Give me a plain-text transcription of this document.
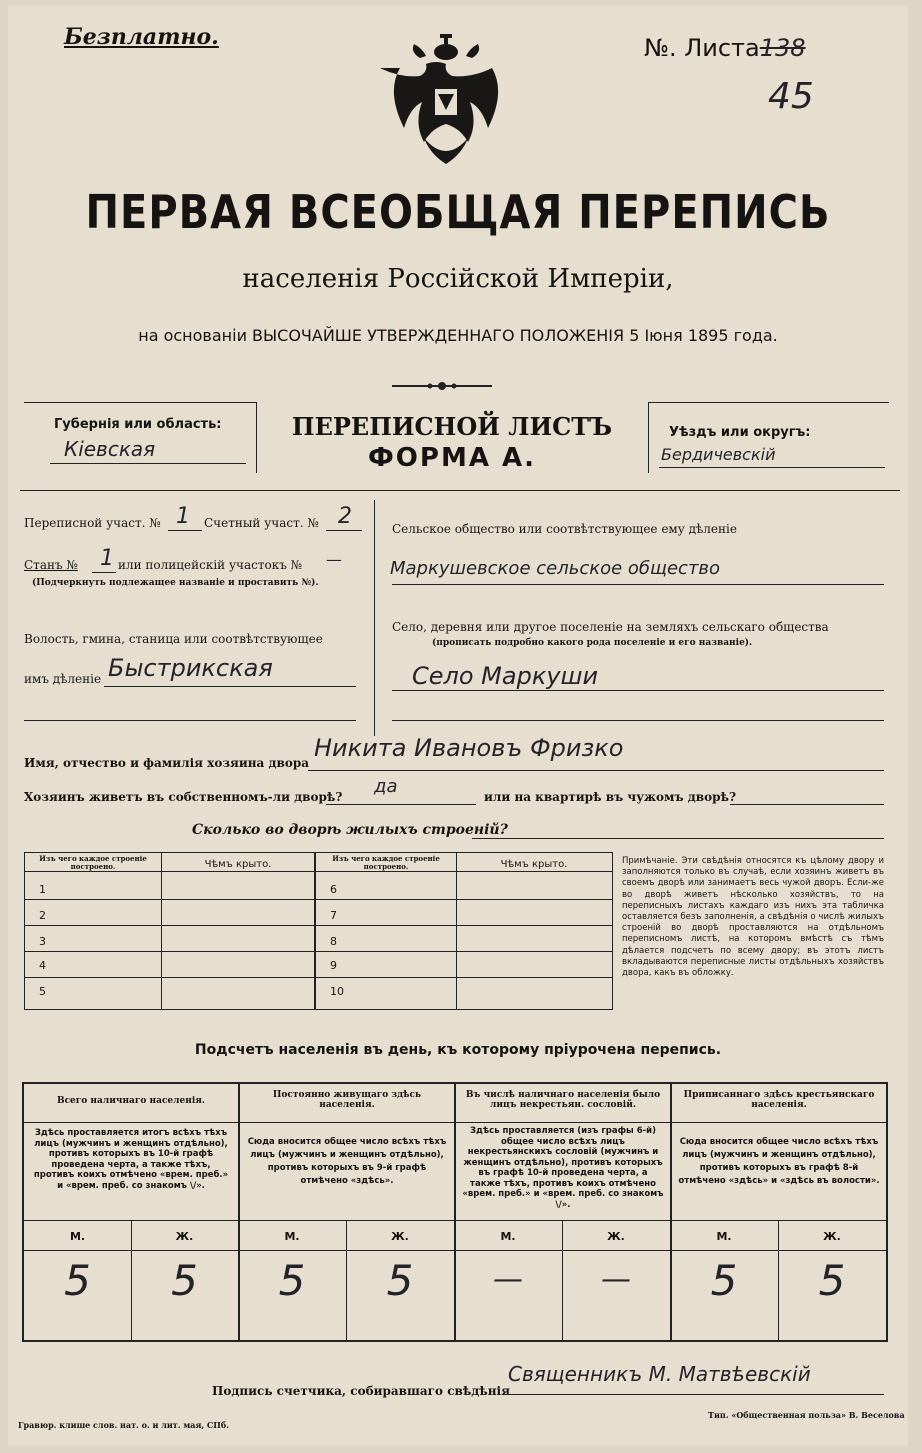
Безплатно.	№. Листа138
45
ПЕРВАЯ ВСЕОБЩАЯ ПЕРЕПИСЬ
населенія Россійской Имперіи,
на основаніи ВЫСОЧАЙШЕ УТВЕРЖДЕННАГО ПОЛОЖЕНІЯ 5 Іюня 1895 года.
Губернія или область:
Кіевская
ПЕРЕПИСНОЙ ЛИСТЪ
ФОРМА А.
Уѣздъ или округъ:
Бердичевскій
Переписной участ. № 1 Счетный участ. № 2
Станъ № 1 или полицейскій участокъ № —
(Подчеркнуть подлежащее названіе и проставить №).
Волость, гмина, станица или соотвѣтствующее
имъ дѣленіе Быстрикская
Сельское общество или соотвѣтствующее ему дѣленіе
Маркушевское сельское общество
Село, деревня или другое поселеніе на земляхъ сельскаго общества
(прописать подробно какого рода поселеніе и его названіе).
Село Маркуши
Имя, отчество и фамилія хозяина двора
Никита Ивановъ Фризко
Хозяинъ живетъ въ собственномъ-ли дворѣ? да	или на квартирѣ въ чужомъ дворѣ?
Сколько во дворѣ жилыхъ строеній?
Изъ чего каждое строеніе построено.	Чѣмъ крыто.
1
2
3
4
5
Изъ чего каждое строеніе построено.	Чѣмъ крыто.
6
7
8
9
10
Примѣчаніе. Эти свѣдѣнія относятся къ цѣлому двору и заполняются только въ случаѣ, если хозяинъ живетъ въ своемъ дворѣ или занимаетъ весь чужой дворъ. Если-же во дворѣ живетъ нѣсколько хозяйствъ, то на переписныхъ листахъ каждаго изъ нихъ эта табличка оставляется безъ заполненія, а свѣдѣнія о числѣ жилыхъ строеній во дворѣ проставляются на отдѣльномъ переписномъ листѣ, на которомъ вмѣстѣ съ тѣмъ дѣлается подсчетъ по всему двору; въ этотъ листъ вкладываются переписные листы отдѣльныхъ хозяйствъ двора, какъ въ обложку.
Подсчетъ населенія въ день, къ которому пріурочена перепись.
Всего наличнаго населенія.
Постоянно живущаго здѣсь населенія.
Въ числѣ наличнаго населенія было лицъ некрестьян. сословій.
Приписаннаго здѣсь крестьянскаго населенія.
Здѣсь проставляется итогъ всѣхъ тѣхъ лицъ (мужчинъ и женщинъ отдѣльно), противъ которыхъ въ 10-й графѣ проведена черта, а также тѣхъ, противъ коихъ отмѣчено «врем. преб.» и «врем. преб. со знакомъ \/».
Сюда вносится общее число всѣхъ тѣхъ лицъ (мужчинъ и женщинъ отдѣльно), противъ которыхъ въ 9-й графѣ отмѣчено «здѣсь».
Здѣсь проставляется (изъ графы 6-й) общее число всѣхъ лицъ некрестьянскихъ сословій (мужчинъ и женщинъ отдѣльно), противъ которыхъ въ графѣ 10-й проведена черта, а также тѣхъ, противъ коихъ отмѣчено «врем. преб.» и «врем. преб. со знакомъ \/».
Сюда вносится общее число всѣхъ тѣхъ лицъ (мужчинъ и женщинъ отдѣльно), противъ которыхъ въ графѣ 8-й отмѣчено «здѣсь» и «здѣсь въ волости».
М.	Ж.	М.	Ж.	М.	Ж.	М.	Ж.
5	5	5	5	—	—	5	5
Подпись счетчика, собиравшаго свѣдѣнія
Священникъ М. Матвѣевскій
Гравюр. клише слов. нат. о. и лит. мая, СПб.
Тип. «Общественная польза» В. Веселова
